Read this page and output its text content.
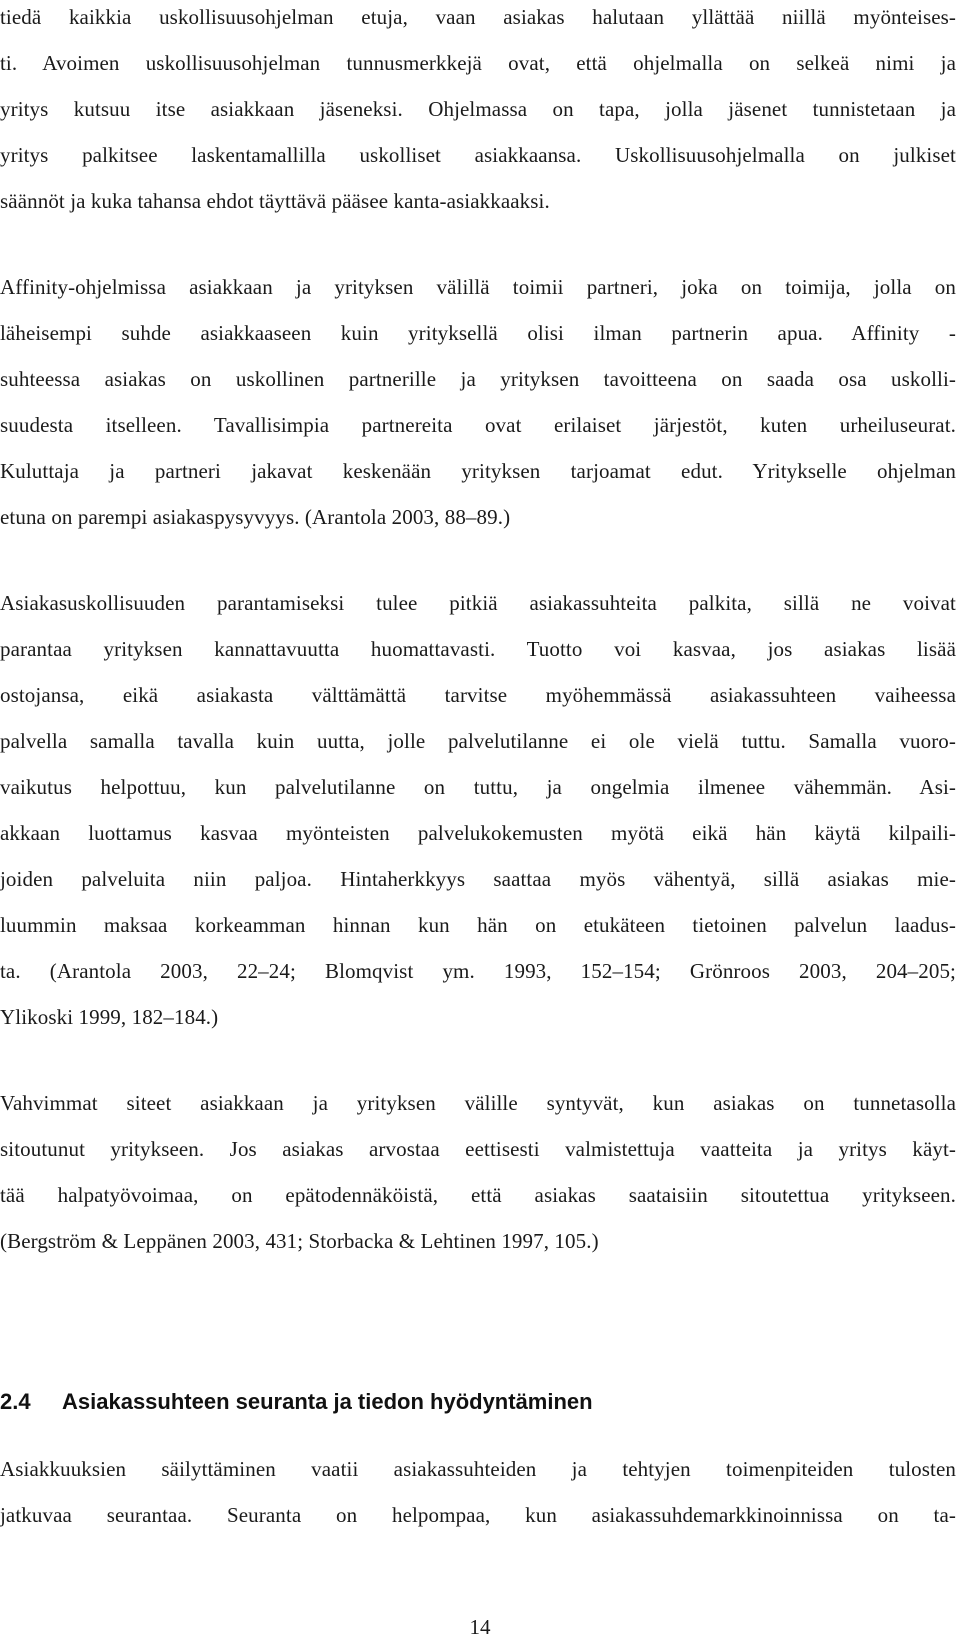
tiedä kaikkia uskollisuusohjelman etuja, vaan asiakas halutaan yllättää niillä myönteises-

ti. Avoimen uskollisuusohjelman tunnusmerkkejä ovat, että ohjelmalla on selkeä nimi ja

yritys kutsuu itse asiakkaan jäseneksi. Ohjelmassa on tapa, jolla jäsenet tunnistetaan ja

yritys palkitsee laskentamallilla uskolliset asiakkaansa. Uskollisuusohjelmalla on julkiset

säännöt ja kuka tahansa ehdot täyttävä pääsee kanta-asiakkaaksi.

Affinity-ohjelmissa asiakkaan ja yrityksen välillä toimii partneri, joka on toimija, jolla on

läheisempi suhde asiakkaaseen kuin yrityksellä olisi ilman partnerin apua. Affinity -

suhteessa asiakas on uskollinen partnerille ja yrityksen tavoitteena on saada osa uskolli-

suudesta itselleen. Tavallisimpia partnereita ovat erilaiset järjestöt, kuten urheiluseurat.

Kuluttaja ja partneri jakavat keskenään yrityksen tarjoamat edut. Yritykselle ohjelman

etuna on parempi asiakaspysyvyys. (Arantola 2003, 88–89.)

Asiakasuskollisuuden parantamiseksi tulee pitkiä asiakassuhteita palkita, sillä ne voivat

parantaa yrityksen kannattavuutta huomattavasti. Tuotto voi kasvaa, jos asiakas lisää

ostojansa, eikä asiakasta välttämättä tarvitse myöhemmässä asiakassuhteen vaiheessa

palvella samalla tavalla kuin uutta, jolle palvelutilanne ei ole vielä tuttu. Samalla vuoro-

vaikutus helpottuu, kun palvelutilanne on tuttu, ja ongelmia ilmenee vähemmän. Asi-

akkaan luottamus kasvaa myönteisten palvelukokemusten myötä eikä hän käytä kilpaili-

joiden palveluita niin paljoa. Hintaherkkyys saattaa myös vähentyä, sillä asiakas mie-

luummin maksaa korkeamman hinnan kun hän on etukäteen tietoinen palvelun laadus-

ta. (Arantola 2003, 22–24; Blomqvist ym. 1993, 152–154; Grönroos 2003, 204–205;

Ylikoski 1999, 182–184.)

Vahvimmat siteet asiakkaan ja yrityksen välille syntyvät, kun asiakas on tunnetasolla

sitoutunut yritykseen. Jos asiakas arvostaa eettisesti valmistettuja vaatteita ja yritys käyt-

tää halpatyövoimaa, on epätodennäköistä, että asiakas saataisiin sitoutettua yritykseen.

(Bergström & Leppänen 2003, 431; Storbacka & Lehtinen 1997, 105.)

2.4 Asiakassuhteen seuranta ja tiedon hyödyntäminen

Asiakkuuksien säilyttäminen vaatii asiakassuhteiden ja tehtyjen toimenpiteiden tulosten

jatkuvaa seurantaa. Seuranta on helpompaa, kun asiakassuhdemarkkinoinnissa on ta-

14
